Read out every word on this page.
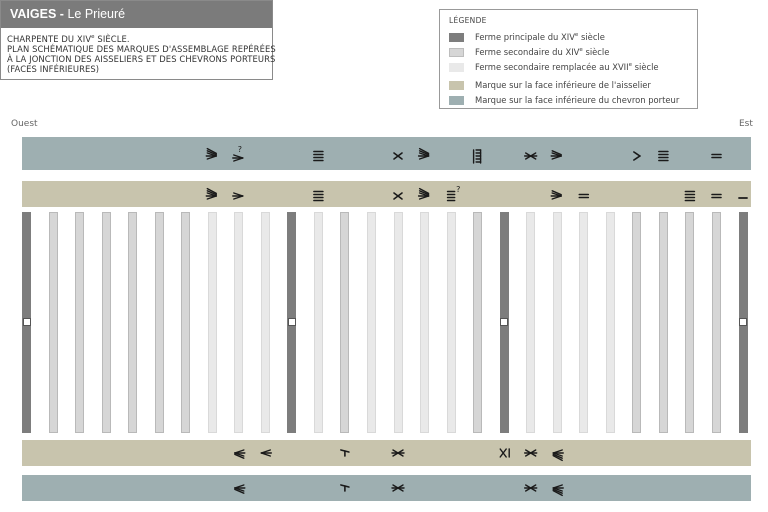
VAIGES - Le Prieuré
CHARPENTE DU XIVe SIÈCLE.
PLAN SCHÉMATIQUE DES MARQUES D'ASSEMBLAGE REPÉRÉES
À LA JONCTION DES AISSELIERS ET DES CHEVRONS PORTEURS
(FACES INFÉRIEURES)
LÉGENDE
Ferme principale du XIVe siècle
Ferme secondaire du XIVe siècle
Ferme secondaire remplacée au XVIIe siècle
Marque sur la face inférieure de l'aisselier
Marque sur la face inférieure du chevron porteur
Ouest	Est
?
?
